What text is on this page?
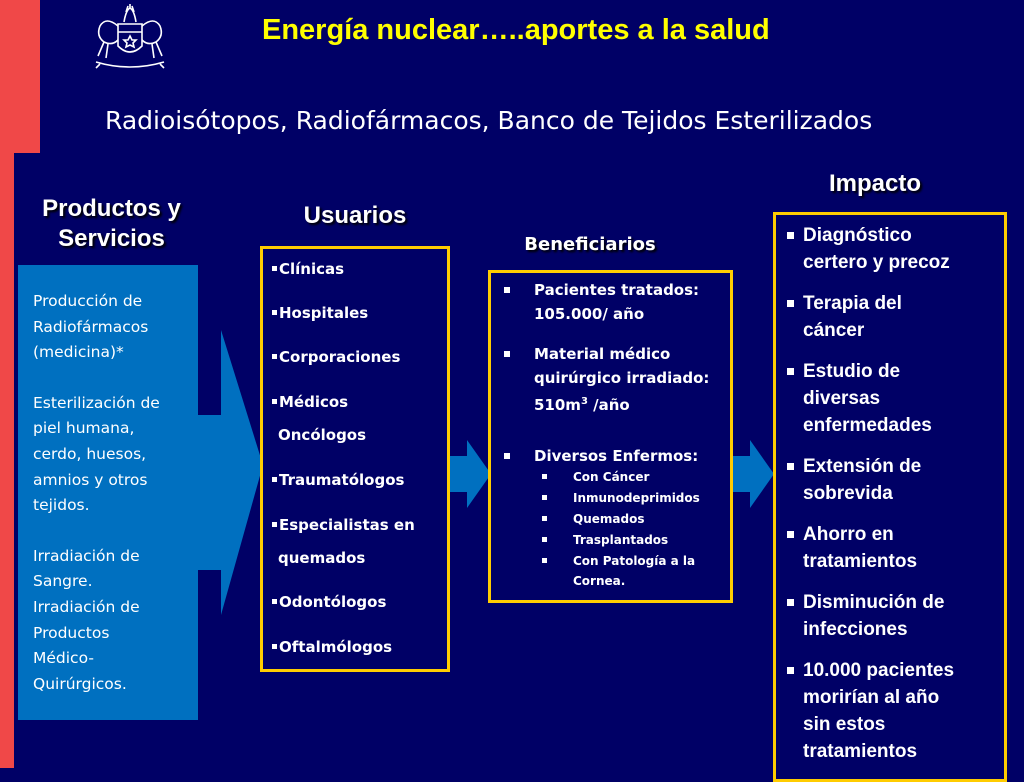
Energía nuclear…..aportes a la salud
Radioisótopos, Radiofármacos, Banco de Tejidos Esterilizados
Productos y
Servicios
Usuarios
Beneficiarios
Impacto

Producción de

Radiofármacos

(medicina)*

Esterilización de

piel humana,

cerdo, huesos,

amnios y otros

tejidos.

Irradiación de

Sangre.

Irradiación de

Productos

Médico-

Quirúrgicos.

Clínicas
Hospitales
Corporaciones
Médicos
Oncólogos
Traumatólogos
Especialistas en
quemados
Odontólogos
Oftalmólogos
Pacientes tratados:
105.000/ año
Material médico
quirúrgico irradiado:
$510m^3$ /año
Diversos Enfermos:
Con Cáncer
Inmunodeprimidos
Quemados
Trasplantados
Con Patología a la
Cornea.
Diagnóstico
certero y precoz
Terapia del
cáncer
Estudio de
diversas
enfermedades
Extensión de
sobrevida
Ahorro en
tratamientos
Disminución de
infecciones
10.000 pacientes
morirían al año
sin estos
tratamientos
